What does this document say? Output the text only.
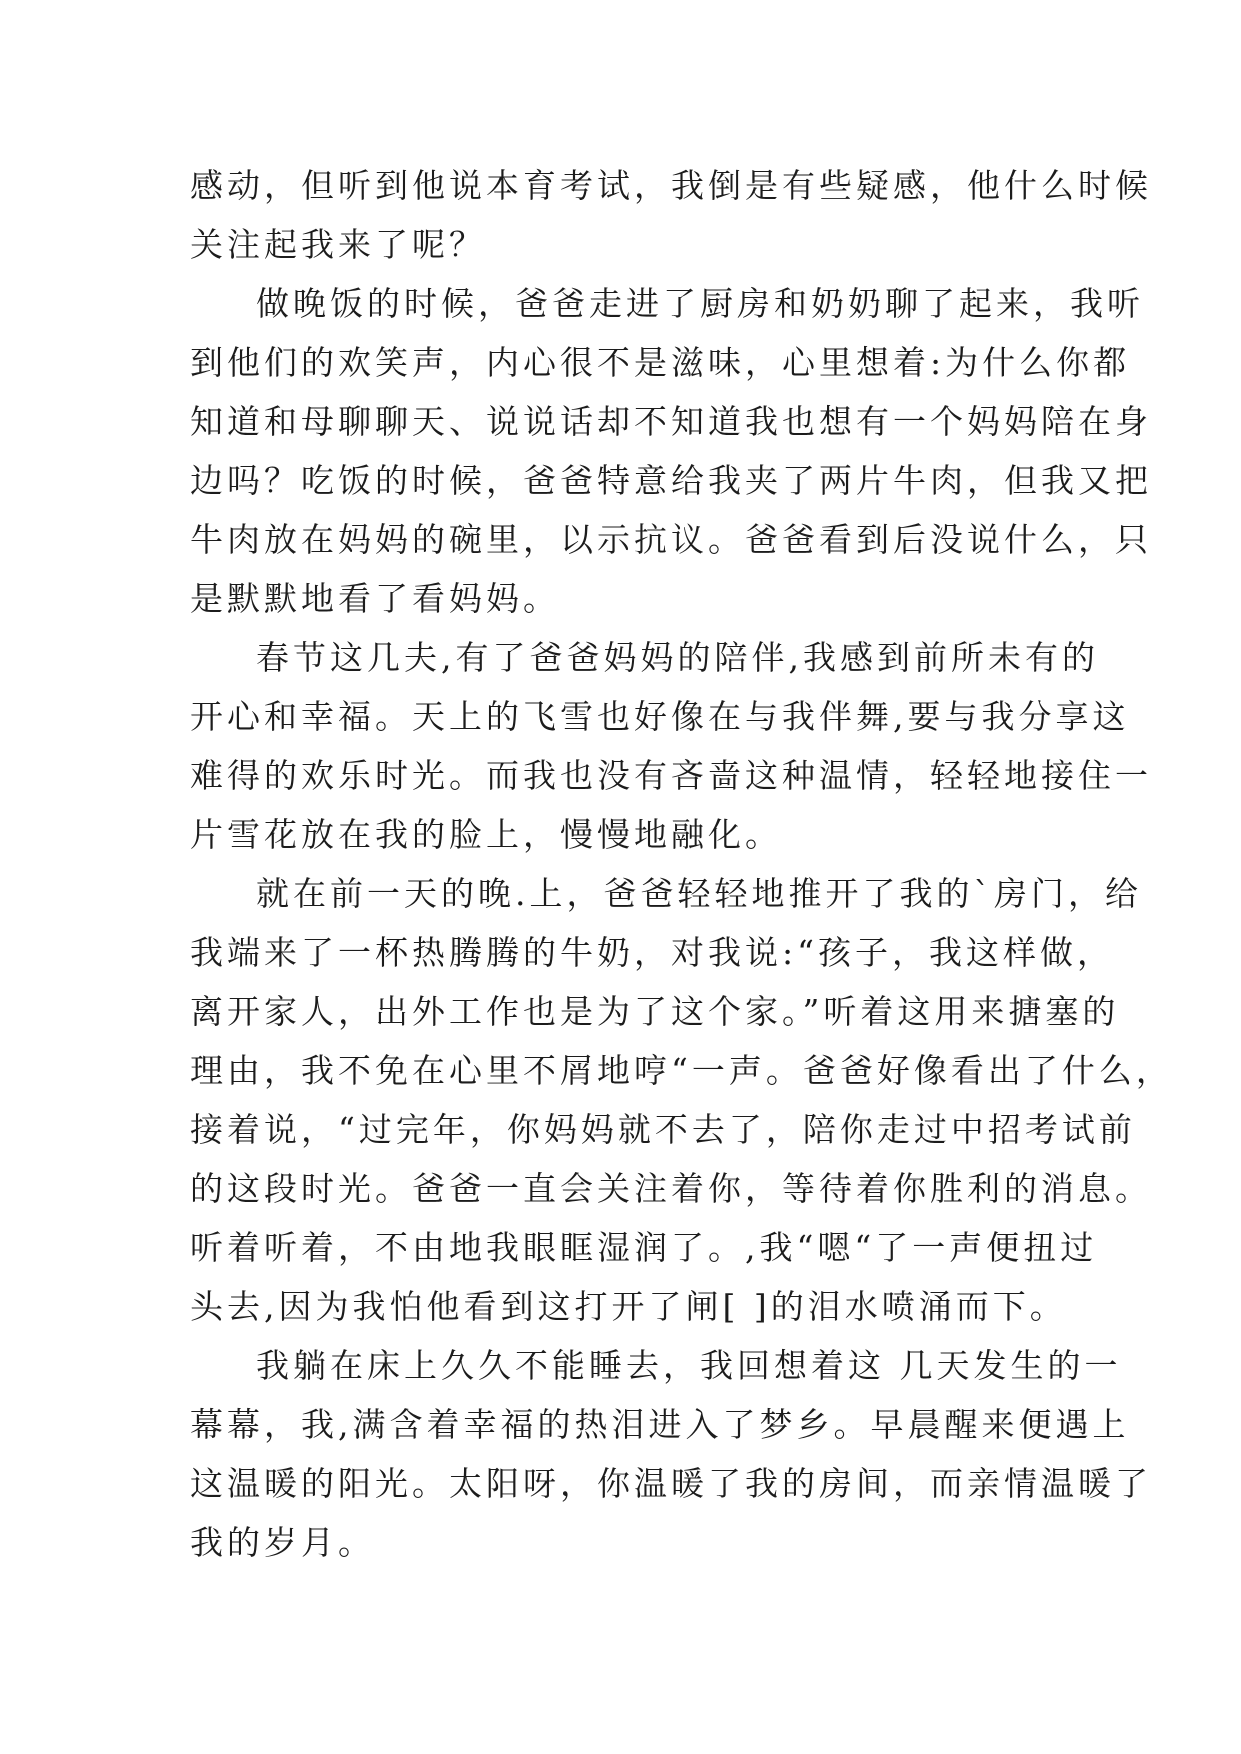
感动，但听到他说本育考试，我倒是有些疑感，他什么时候
关注起我来了呢？
做晚饭的时候，爸爸走进了厨房和奶奶聊了起来，我听
到他们的欢笑声，内心很不是滋味，心里想着:为什么你都
知道和母聊聊天、说说话却不知道我也想有一个妈妈陪在身
边吗？吃饭的时候，爸爸特意给我夹了两片牛肉，但我又把
牛肉放在妈妈的碗里，以示抗议。爸爸看到后没说什么，只
是默默地看了看妈妈。
春节这几夫,有了爸爸妈妈的陪伴,我感到前所未有的
开心和幸福。天上的飞雪也好像在与我伴舞,要与我分享这
难得的欢乐时光。而我也没有吝啬这种温情，轻轻地接住一
片雪花放在我的脸上，慢慢地融化。
就在前一天的晚.上，爸爸轻轻地推开了我的`房门，给
我端来了一杯热腾腾的牛奶，对我说:“孩子，我这样做，
离开家人，出外工作也是为了这个家。”听着这用来搪塞的
理由，我不免在心里不屑地哼“一声。爸爸好像看出了什么，
接着说，“过完年，你妈妈就不去了，陪你走过中招考试前
的这段时光。爸爸一直会关注着你，等待着你胜利的消息。
听着听着，不由地我眼眶湿润了。,我“嗯“了一声便扭过
头去,因为我怕他看到这打开了闸[ ]的泪水喷涌而下。
我躺在床上久久不能睡去，我回想着这 几天发生的一
幕幕，我,满含着幸福的热泪进入了梦乡。早晨醒来便遇上
这温暖的阳光。太阳呀，你温暖了我的房间，而亲情温暖了
我的岁月。
